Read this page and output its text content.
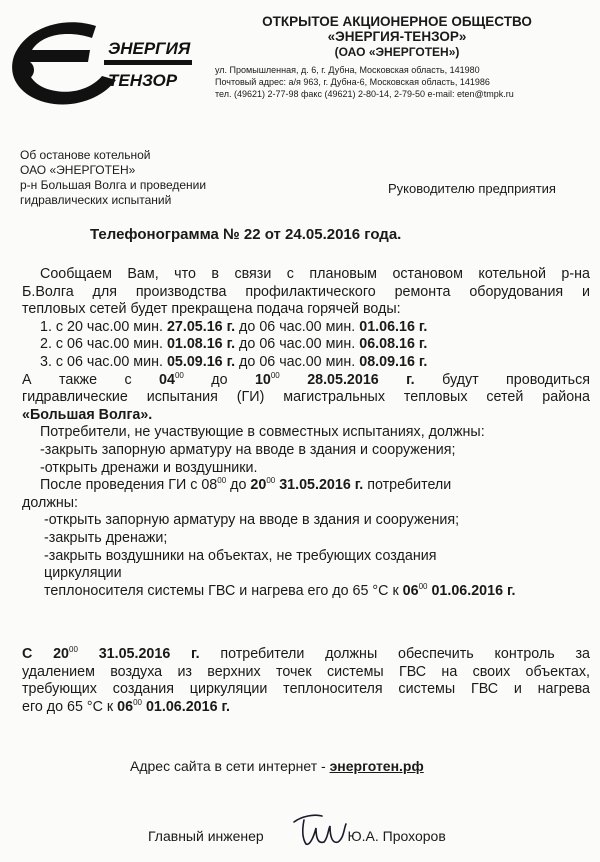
ЭНЕРГИЯ
ТЕНЗОР
ОТКРЫТОЕ АКЦИОНЕРНОЕ ОБЩЕСТВО
«ЭНЕРГИЯ-ТЕНЗОР»
(ОАО «ЭНЕРГОТЕН»)
ул. Промышленная, д. 6, г. Дубна, Московская область, 141980
Почтовый адрес: а/я 963, г. Дубна-6, Московская область, 141986
тел. (49621) 2-77-98 факс (49621) 2-80-14, 2-79-50 e-mail: eten@tmpk.ru
Об останове котельной
ОАО «ЭНЕРГОТЕН»
р-н Большая Волга и проведении
гидравлических испытаний
Руководителю предприятия
Телефонограмма № 22 от 24.05.2016 года.
Сообщаем Вам, что в связи с плановым остановом котельной р-на
Б.Волга для производства профилактического ремонта оборудования и
тепловых сетей будет прекращена подача горячей воды:
1. с 20 час.00 мин. 27.05.16 г. до 06 час.00 мин. 01.06.16 г.
2. с 06 час.00 мин. 01.08.16 г. до 06 час.00 мин. 06.08.16 г.
3. с 06 час.00 мин. 05.09.16 г. до 06 час.00 мин. 08.09.16 г.
А также с $04^{00}$ до $10^{00}$ 28.05.2016 г. будут проводиться
гидравлические испытания (ГИ) магистральных тепловых сетей района
«Большая Волга».
Потребители, не участвующие в совместных испытаниях, должны:
-закрыть запорную арматуру на вводе в здания и сооружения;
-открыть дренажи и воздушники.
После проведения ГИ с $08^{00}$ до $20^{00}$ 31.05.2016 г. потребители
должны:
-открыть запорную арматуру на вводе в здания и сооружения;
-закрыть дренажи;
-закрыть воздушники на объектах, не требующих создания
циркуляции
теплоносителя системы ГВС и нагрева его до 65 °С к $06^{00}$ 01.06.2016 г.
С $20^{00}$ 31.05.2016 г. потребители должны обеспечить контроль за
удалением воздуха из верхних точек системы ГВС на своих объектах,
требующих создания циркуляции теплоносителя системы ГВС и нагрева
его до 65 °С к $06^{00}$ 01.06.2016 г.
Адрес сайта в сети интернет - энерготен.рф
Главный инженер	Ю.А. Прохоров
